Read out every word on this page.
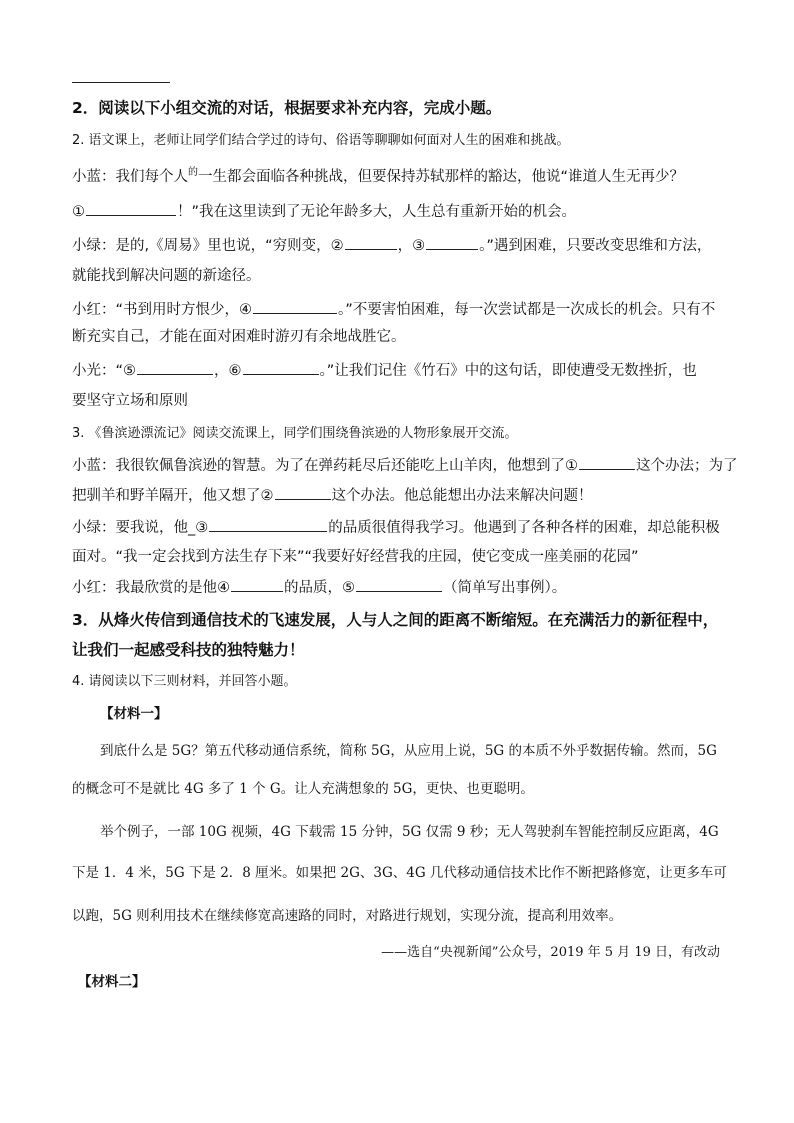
2．阅读以下小组交流的对话，根据要求补充内容，完成小题。
2. 语文课上，老师让同学们结合学过的诗句、俗语等聊聊如何面对人生的困难和挑战。
小蓝：我们每个人$^的$一生都会面临各种挑战，但要保持苏轼那样的豁达，他说“谁道人生无再少？
①	！”我在这里读到了无论年龄多大，人生总有重新开始的机会。
小绿：是的,《周易》里也说，“穷则变，②	，③	。”遇到困难，只要改变思维和方法，
就能找到解决问题的新途径。
小红：“书到用时方恨少，④	。”不要害怕困难，每一次尝试都是一次成长的机会。只有不
断充实自己，才能在面对困难时游刃有余地战胜它。
小光：“⑤	，⑥	。”让我们记住《竹石》中的这句话，即使遭受无数挫折，也
要坚守立场和原则
3. 《鲁滨逊漂流记》阅读交流课上，同学们围绕鲁滨逊的人物形象展开交流。
小蓝：我很钦佩鲁滨逊的智慧。为了在弹药耗尽后还能吃上山羊肉，他想到了①	这个办法；为了
把驯羊和野羊隔开，他又想了②	这个办法。他总能想出办法来解决问题！
小绿：要我说，他_③	的品质很值得我学习。他遇到了各种各样的困难，却总能积极
面对。“我一定会找到方法生存下来”“我要好好经营我的庄园，使它变成一座美丽的花园”
小红：我最欣赏的是他④	的品质，⑤	（简单写出事例）。
3．从烽火传信到通信技术的飞速发展，人与人之间的距离不断缩短。在充满活力的新征程中，
让我们一起感受科技的独特魅力！
4. 请阅读以下三则材料，并回答小题。
【材料一】
到底什么是 5G？第五代移动通信系统，简称 5G，从应用上说，5G 的本质不外乎数据传输。然而，5G
的概念可不是就比 4G 多了 1 个 G。让人充满想象的 5G，更快、也更聪明。
举个例子，一部 10G 视频，4G 下载需 15 分钟，5G 仅需 9 秒；无人驾驶刹车智能控制反应距离，4G
下是 1．4 米，5G 下是 2．8 厘米。如果把 2G、3G、4G 几代移动通信技术比作不断把路修宽，让更多车可
以跑，5G 则利用技术在继续修宽高速路的同时，对路进行规划，实现分流，提高利用效率。
——选自“央视新闻”公众号，2019 年 5 月 19 日，有改动
【材料二】
